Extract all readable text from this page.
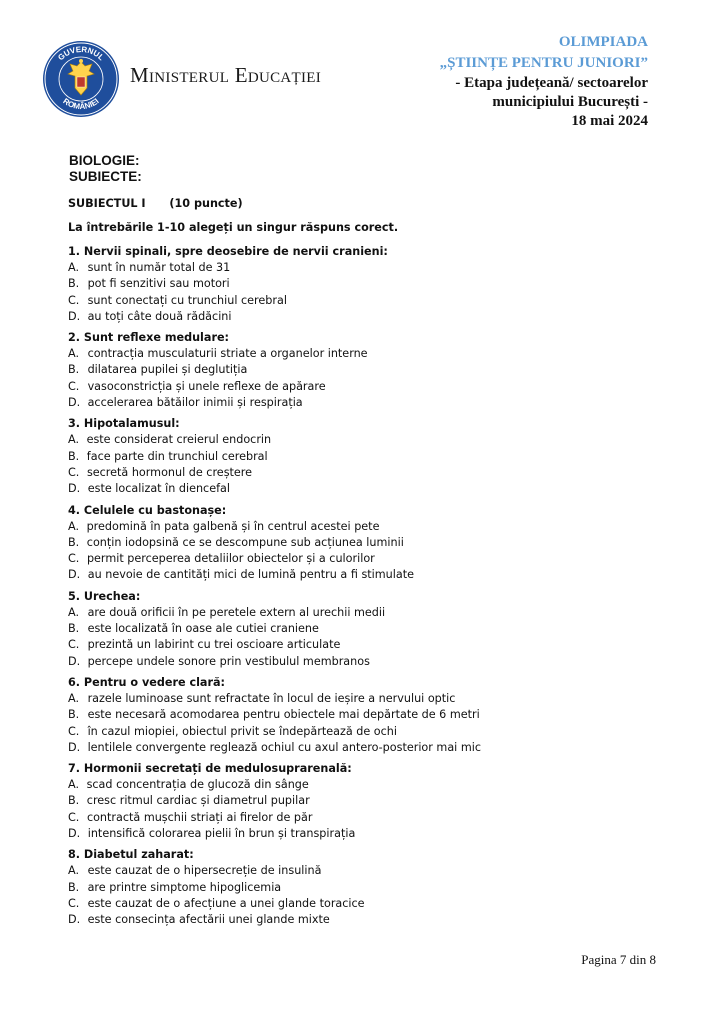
GUVERNUL
ROMÂNIEI
Ministerul Educației
OLIMPIADA
„ȘTIINȚE PENTRU JUNIORI”
- Etapa județeană/ sectoarelor
municipiului București -
18 mai 2024
BIOLOGIE:
SUBIECTE:
SUBIECTUL I (10 puncte)
La întrebările 1-10 alegeți un singur răspuns corect.
1. Nervii spinali, spre deosebire de nervii cranieni:
A. sunt în număr total de 31
B. pot fi senzitivi sau motori
C. sunt conectați cu trunchiul cerebral
D. au toți câte două rădăcini
2. Sunt reflexe medulare:
A. contracția musculaturii striate a organelor interne
B. dilatarea pupilei și deglutiția
C. vasoconstricția și unele reflexe de apărare
D. accelerarea bătăilor inimii și respirația
3. Hipotalamusul:
A. este considerat creierul endocrin
B. face parte din trunchiul cerebral
C. secretă hormonul de creștere
D. este localizat în diencefal
4. Celulele cu bastonașe:
A. predomină în pata galbenă și în centrul acestei pete
B. conțin iodopsină ce se descompune sub acțiunea luminii
C. permit perceperea detaliilor obiectelor și a culorilor
D. au nevoie de cantități mici de lumină pentru a fi stimulate
5. Urechea:
A. are două orificii în pe peretele extern al urechii medii
B. este localizată în oase ale cutiei craniene
C. prezintă un labirint cu trei oscioare articulate
D. percepe undele sonore prin vestibulul membranos
6. Pentru o vedere clară:
A. razele luminoase sunt refractate în locul de ieșire a nervului optic
B. este necesară acomodarea pentru obiectele mai depărtate de 6 metri
C. în cazul miopiei, obiectul privit se îndepărtează de ochi
D. lentilele convergente reglează ochiul cu axul antero-posterior mai mic
7. Hormonii secretați de medulosuprarenală:
A. scad concentrația de glucoză din sânge
B. cresc ritmul cardiac și diametrul pupilar
C. contractă mușchii striați ai firelor de păr
D. intensifică colorarea pielii în brun și transpirația
8. Diabetul zaharat:
A. este cauzat de o hipersecreție de insulină
B. are printre simptome hipoglicemia
C. este cauzat de o afecțiune a unei glande toracice
D. este consecința afectării unei glande mixte
Pagina 7 din 8
